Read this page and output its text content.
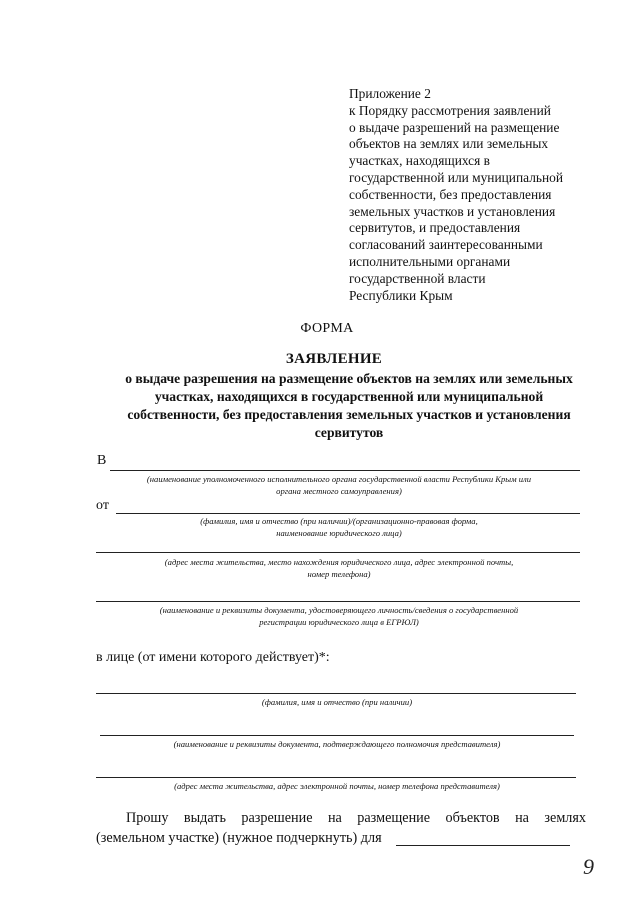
Приложение 2
к Порядку рассмотрения заявлений
о выдаче разрешений на размещение
объектов на землях или земельных
участках, находящихся в
государственной или муниципальной
собственности, без предоставления
земельных участков и установления
сервитутов, и предоставления
согласований заинтересованными
исполнительными органами
государственной власти
Республики Крым
ФОРМА
ЗАЯВЛЕНИЕ
о выдаче разрешения на размещение объектов на землях или земельных
участках, находящихся в государственной или муниципальной
собственности, без предоставления земельных участков и установления
сервитутов
В
(наименование уполномоченного исполнительного органа государственной власти Республики Крым или
органа местного самоуправления)
от
(фамилия, имя и отчество (при наличии)/(организационно-правовая форма,
наименование юридического лица)
(адрес места жительства, место нахождения юридического лица, адрес электронной почты,
номер телефона)
(наименование и реквизиты документа, удостоверяющего личность/сведения о государственной
регистрации юридического лица в ЕГРЮЛ)
в лице (от имени которого действует)*:
(фамилия, имя и отчество (при наличии)
(наименование и реквизиты документа, подтверждающего полномочия представителя)
(адрес места жительства, адрес электронной почты, номер телефона представителя)
Прошу выдать разрешение на размещение объектов на землях
(земельном участке) (нужное подчеркнуть) для
9
